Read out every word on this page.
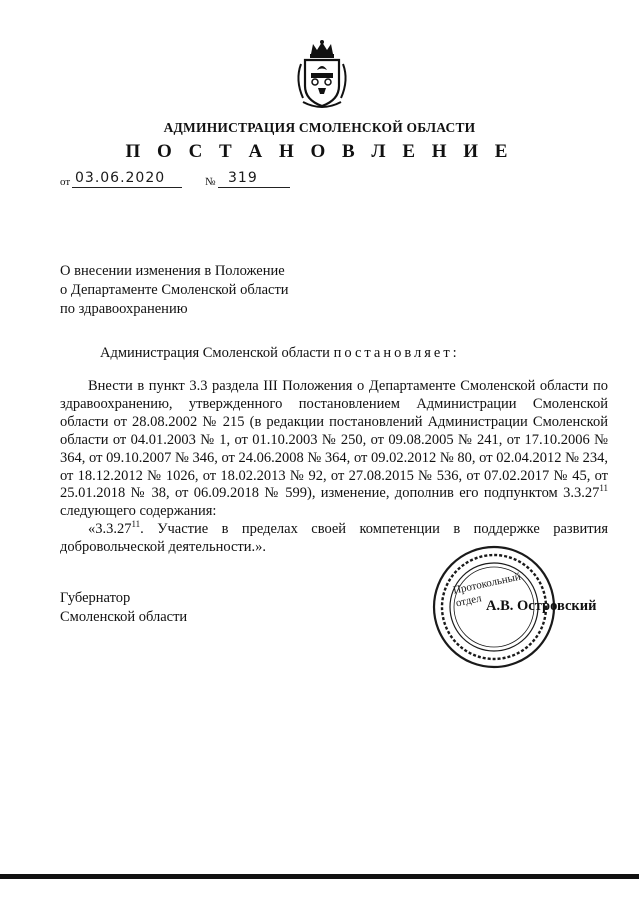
АДМИНИСТРАЦИЯ СМОЛЕНСКОЙ ОБЛАСТИ
П О С Т А Н О В Л Е Н И Е
от 03.06.2020	№ 319
О внесении изменения в Положение
о Департаменте Смоленской области
по здравоохранению
Администрация Смоленской области постановляет:

Внести в пункт 3.3 раздела III Положения о Департаменте Смоленской области по здравоохранению, утвержденного постановлением Администрации Смоленской области от 28.08.2002 № 215 (в редакции постановлений Администрации Смоленской области от 04.01.2003 № 1, от 01.10.2003 № 250, от 09.08.2005 № 241, от 17.10.2006 № 364, от 09.10.2007 № 346, от 24.06.2008 № 364, от 09.02.2012 № 80, от 02.04.2012 № 234, от 18.12.2012 № 1026, от 18.02.2013 № 92, от 27.08.2015 № 536, от 07.02.2017 № 45, от 25.01.2018 № 38, от 06.09.2018 № 599), изменение, дополнив его подпунктом 3.3.27$^{11}$ следующего содержания:

«3.3.27$^{11}$. Участие в пределах своей компетенции в поддержке развития добровольческой деятельности.».

Губернатор
Смоленской области
Протокольный
отдел А.В. Островский
